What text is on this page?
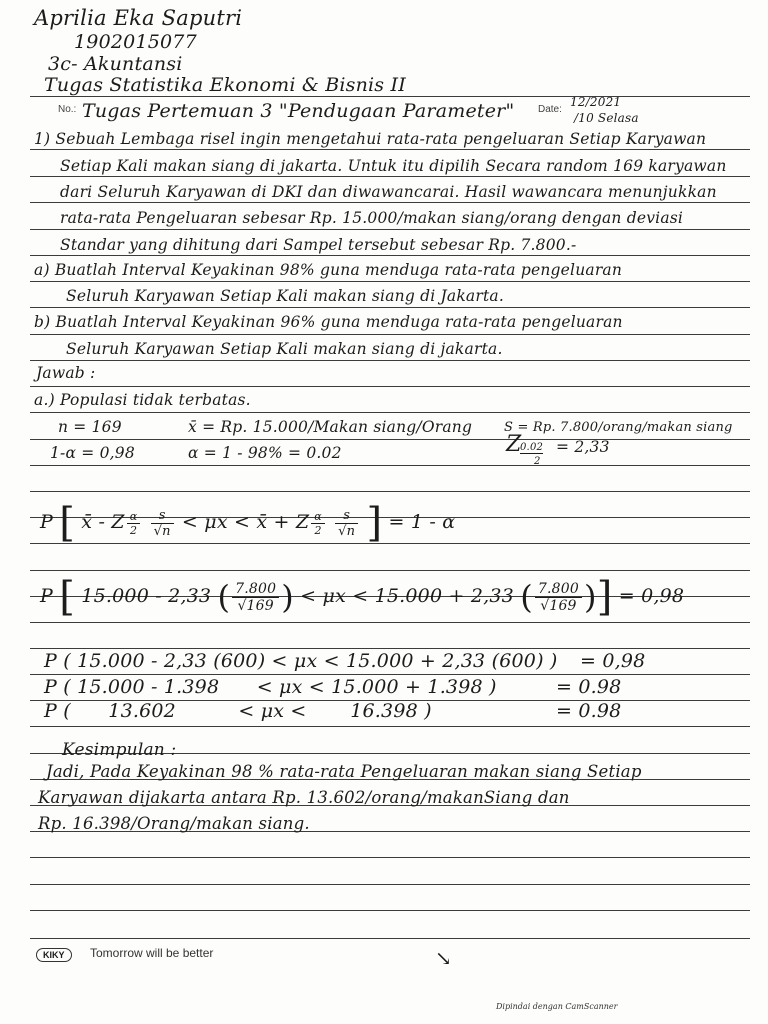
Aprilia Eka Saputri
1902015077
3c- Akuntansi
Tugas Statistika Ekonomi & Bisnis II
No.: Tugas Pertemuan 3 "Pendugaan Parameter" Date:
12/2021
/10 Selasa
1) Sebuah Lembaga risel ingin mengetahui rata-rata pengeluaran Setiap Karyawan
Setiap Kali makan siang di jakarta. Untuk itu dipilih Secara random 169 karyawan
dari Seluruh Karyawan di DKI dan diwawancarai. Hasil wawancara menunjukkan
rata-rata Pengeluaran sebesar Rp. 15.000/makan siang/orang dengan deviasi
Standar yang dihitung dari Sampel tersebut sebesar Rp. 7.800.-
a) Buatlah Interval Keyakinan 98% guna menduga rata-rata pengeluaran
Seluruh Karyawan Setiap Kali makan siang di Jakarta.
b) Buatlah Interval Keyakinan 96% guna menduga rata-rata pengeluaran
Seluruh Karyawan Setiap Kali makan siang di jakarta.
Jawab :
a.) Populasi tidak terbatas.
n = 169	x̄ = Rp. 15.000/Makan siang/Orang S = Rp. 7.800/orang/makan siang
1-α = 0,98	α = 1 - 98% = 0.02	Z
0.02
2
= 2,33
P [ x̄ - Z $\frac{\alpha}{2}$
$\frac{s}{√n} < \mu x$ < x̄ + Z $\frac{\alpha}{2}$
$\frac{s}{√n}$ ] = 1 - α
P [ 15.000 - 2,33 ( $\frac{7.800}{√169}$ ) < μx < 15.000 + 2,33 ( $\frac{7.800}{√169}$ )] = 0,98
P ( 15.000 - 2,33 (600) < μx < 15.000 + 2,33 (600) ) = 0,98
P ( 15.000 - 1.398      < μx < 15.000 + 1.398 )	= 0.98
P (      13.602          < μx <       16.398 )	= 0.98
Kesimpulan :
Jadi, Pada Keyakinan 98 % rata-rata Pengeluaran makan siang Setiap
Karyawan dijakarta antara Rp. 13.602/orang/makanSiang dan
Rp. 16.398/Orang/makan siang.
KIKY	Tomorrow will be better	↘
Dipindai dengan CamScanner
